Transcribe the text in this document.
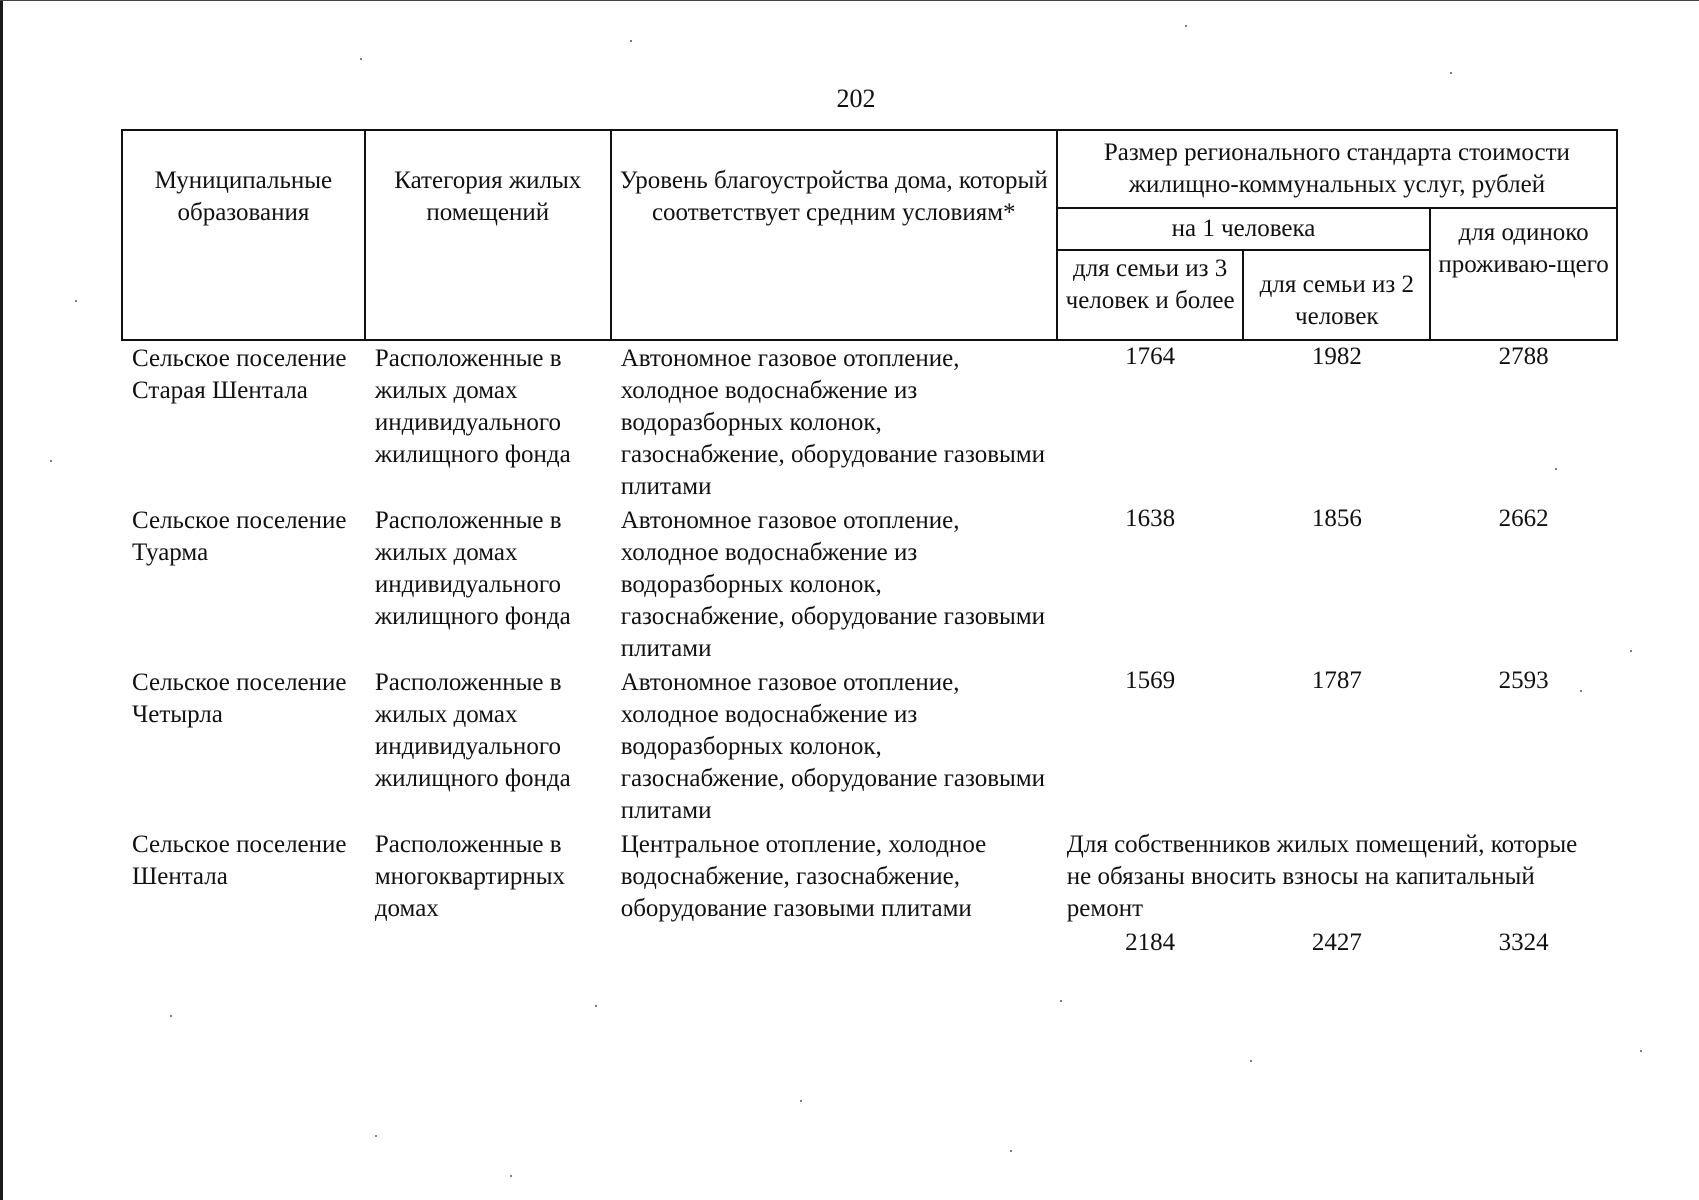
202
Муниципальные образования	Категория жилых помещений	Уровень благоустройства дома, который соответствует средним условиям*	Размер регионального стандарта стоимости жилищно-коммунальных услуг, рублей		
			на 1 человека		для одиноко проживаю-щего
			для семьи из 3 человек и более	для семьи из 2 человек	
Сельское поселение Старая Шентала	Расположенные в жилых домах индивидуального жилищного фонда	Автономное газовое отопление, холодное водоснабжение из водоразборных колонок, газоснабжение, оборудование газовыми плитами	1764	1982	2788
Сельское поселение Туарма	Расположенные в жилых домах индивидуального жилищного фонда	Автономное газовое отопление, холодное водоснабжение из водоразборных колонок, газоснабжение, оборудование газовыми плитами	1638	1856	2662
Сельское поселение Четырла	Расположенные в жилых домах индивидуального жилищного фонда	Автономное газовое отопление, холодное водоснабжение из водоразборных колонок, газоснабжение, оборудование газовыми плитами	1569	1787	2593
Сельское поселение Шентала	Расположенные в многоквартирных домах	Центральное отопление, холодное водоснабжение, газоснабжение, оборудование газовыми плитами	Для собственников жилых помещений, которые не обязаны вносить взносы на капитальный ремонт		
			2184	2427	3324
